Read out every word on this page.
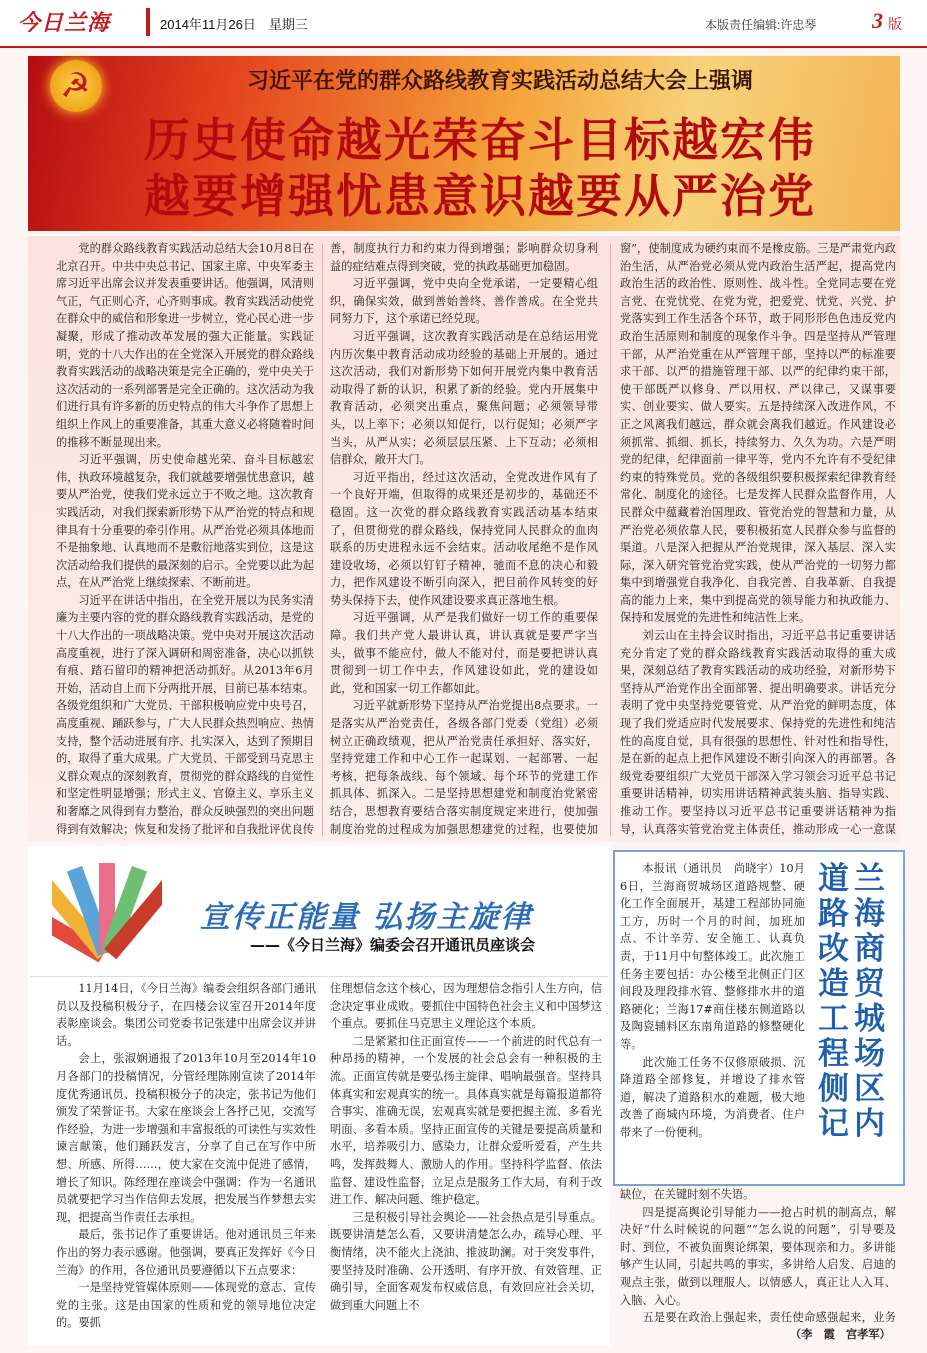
今日兰海	2014年11月26日　星期三	本版责任编辑:许忠琴	3 版
☭	习近平在党的群众路线教育实践活动总结大会上强调
历史使命越光荣奋斗目标越宏伟
越要增强忧患意识越要从严治党

党的群众路线教育实践活动总结大会10月8日在北京召开。中共中央总书记、国家主席、中央军委主席习近平出席会议并发表重要讲话。他强调，风清则气正，气正则心齐，心齐则事成。教育实践活动使党在群众中的威信和形象进一步树立，党心民心进一步凝聚，形成了推动改革发展的强大正能量。实践证明，党的十八大作出的在全党深入开展党的群众路线教育实践活动的战略决策是完全正确的，党中央关于这次活动的一系列部署是完全正确的。这次活动为我们进行具有许多新的历史特点的伟大斗争作了思想上组织上作风上的重要准备，其重大意义必将随着时间的推移不断显现出来。

习近平强调，历史使命越光荣、奋斗目标越宏伟，执政环境越复杂，我们就越要增强忧患意识，越要从严治党，使我们党永远立于不败之地。这次教育实践活动，对我们探索新形势下从严治党的特点和规律具有十分重要的牵引作用。从严治党必须具体地而不是抽象地、认真地而不是敷衍地落实到位，这是这次活动给我们提供的最深刻的启示。全党要以此为起点，在从严治党上继续探索、不断前进。

习近平在讲话中指出，在全党开展以为民务实清廉为主要内容的党的群众路线教育实践活动，是党的十八大作出的一项战略决策。党中央对开展这次活动高度重视，进行了深入调研和周密准备，决心以抓铁有痕、踏石留印的精神把活动抓好。从2013年6月开始，活动自上而下分两批开展，目前已基本结束。各级党组织和广大党员、干部积极响应党中央号召，高度重视、踊跃参与，广大人民群众热烈响应、热情支持，整个活动进展有序、扎实深入，达到了预期目的，取得了重大成果。广大党员、干部受到马克思主义群众观点的深刻教育，贯彻党的群众路线的自觉性和坚定性明显增强；形式主义、官僚主义、享乐主义和奢靡之风得到有力整治，群众反映强烈的突出问题得到有效解决；恢复和发扬了批评和自我批评优良传

善，制度执行力和约束力得到增强；影响群众切身利益的症结难点得到突破，党的执政基础更加稳固。

习近平强调，党中央向全党承诺，一定要精心组织，确保实效，做到善始善终、善作善成。在全党共同努力下，这个承诺已经兑现。

习近平强调，这次教育实践活动是在总结运用党内历次集中教育活动成功经验的基础上开展的。通过这次活动，我们对新形势下如何开展党内集中教育活动取得了新的认识，积累了新的经验。党内开展集中教育活动，必须突出重点，聚焦问题；必须领导带头，以上率下；必须以知促行，以行促知；必须严字当头，从严从实；必须层层压紧、上下互动；必须相信群众，敞开大门。

习近平指出，经过这次活动，全党改进作风有了一个良好开端，但取得的成果还是初步的，基础还不稳固。这一次党的群众路线教育实践活动基本结束了，但贯彻党的群众路线，保持党同人民群众的血肉联系的历史进程永远不会结束。活动收尾绝不是作风建设收场，必须以钉钉子精神，驰而不息的决心和毅力，把作风建设不断引向深入，把目前作风转变的好势头保持下去，使作风建设要求真正落地生根。

习近平强调，从严是我们做好一切工作的重要保障。我们共产党人最讲认真，讲认真就是要严字当头，做事不能应付，做人不能对付，而是要把讲认真贯彻到一切工作中去，作风建设如此，党的建设如此，党和国家一切工作都如此。

习近平就新形势下坚持从严治党提出8点要求。一是落实从严治党责任，各级各部门党委（党组）必须树立正确政绩观，把从严治党责任承担好、落实好，坚持党建工作和中心工作一起谋划、一起部署、一起考核，把每条战线、每个领域、每个环节的党建工作抓具体、抓深入。二是坚持思想建党和制度治党紧密结合，思想教育要结合落实制度规定来进行，使加强制度治党的过程成为加强思想建党的过程，也要使加

窗”，使制度成为硬约束而不是橡皮筋。三是严肃党内政治生活，从严治党必须从党内政治生活严起，提高党内政治生活的政治性、原则性、战斗性。全党同志要在党言党、在党忧党、在党为党，把爱党、忧党、兴党、护党落实到工作生活各个环节，敢于同形形色色违反党内政治生活原则和制度的现象作斗争。四是坚持从严管理干部，从严治党重在从严管理干部，坚持以严的标准要求干部、以严的措施管理干部、以严的纪律约束干部，使干部既严以修身、严以用权、严以律己，又谋事要实、创业要实、做人要实。五是持续深入改进作风，不正之风离我们越远，群众就会离我们越近。作风建设必须抓常、抓细、抓长，持续努力、久久为功。六是严明党的纪律，纪律面前一律平等，党内不允许有不受纪律约束的特殊党员。党的各级组织要积极探索纪律教育经常化、制度化的途径。七是发挥人民群众监督作用，人民群众中蕴藏着治国理政、管党治党的智慧和力量，从严治党必须依靠人民，要积极拓宽人民群众参与监督的渠道。八是深入把握从严治党规律，深入基层、深入实际，深入研究管党治党实践，使从严治党的一切努力都集中到增强党自我净化、自我完善、自我革新、自我提高的能力上来，集中到提高党的领导能力和执政能力、保持和发展党的先进性和纯洁性上来。

刘云山在主持会议时指出，习近平总书记重要讲话充分肯定了党的群众路线教育实践活动取得的重大成果，深刻总结了教育实践活动的成功经验，对新形势下坚持从严治党作出全面部署、提出明确要求。讲话充分表明了党中央坚持党要管党、从严治党的鲜明态度，体现了我们党适应时代发展要求、保持党的先进性和纯洁性的高度自觉，具有很强的思想性、针对性和指导性，是在新的起点上把作风建设不断引向深入的再部署。各级党委要组织广大党员干部深入学习领会习近平总书记重要讲话精神，切实用讲话精神武装头脑、指导实践、推动工作。要坚持以习近平总书记重要讲话精神为指导，认真落实管党治党主体责任，推动形成一心一意谋

宣传正能量 弘扬主旋律
——《今日兰海》编委会召开通讯员座谈会

11月14日，《今日兰海》编委会组织各部门通讯员以及投稿积极分子，在四楼会议室召开2014年度表彰座谈会。集团公司党委书记张建中出席会议并讲话。

会上，张淑娴通报了2013年10月至2014年10月各部门的投稿情况，分管经理陈刚宣读了2014年度优秀通讯员、投稿积极分子的决定，张书记为他们颁发了荣誉证书。大家在座谈会上各抒己见，交流写作经验，为进一步增强和丰富报纸的可读性与实效性谏言献策，他们踊跃发言，分享了自己在写作中所想、所感、所得……，使大家在交流中促进了感情，增长了知识。陈经理在座谈会中强调：作为一名通讯员就要把学习当作信仰去发展，把发展当作梦想去实现，把提高当作责任去承担。

最后，张书记作了重要讲话。他对通讯员三年来作出的努力表示感谢。他强调，要真正发挥好《今日兰海》的作用，各位通讯员要遵循以下五点要求：

一是坚持党管媒体原则——体现党的意志、宣传党的主张。这是由国家的性质和党的领导地位决定的。要抓

住理想信念这个核心，因为理想信念指引人生方向，信念决定事业成败。要抓住中国特色社会主义和中国梦这个重点。要抓住马克思主义理论这个本质。

二是紧紧扣住正面宣传——一个前进的时代总有一种昂扬的精神，一个发展的社会总会有一种积极的主流。正面宣传就是要弘扬主旋律、唱响最强音。坚持具体真实和宏观真实的统一。具体真实就是每篇报道都符合事实、准确无误，宏观真实就是要把握主流、多看光明面、多看本质。坚持正面宣传的关键是要提高质量和水平，培养吸引力、感染力，让群众爱听爱看，产生共鸣，发挥鼓舞人、激励人的作用。坚持科学监督、依法监督、建设性监督，立足点是服务工作大局，有利于改进工作、解决问题、维护稳定。

三是积极引导社会舆论——社会热点是引导重点。既要讲清楚怎么看，又要讲清楚怎么办，疏导心理、平衡情绪，决不能火上浇油、推波助澜。对于突发事件，要坚持及时准确、公开透明、有序开放、有效管理、正确引导，全面客观发布权威信息，有效回应社会关切，做到重大问题上不

本报讯（通讯员　尚晓宇）10月6日，兰海商贸城场区道路规整、硬化工作全面展开，基建工程部协同施工方，历时一个月的时间，加班加点、不计辛劳、安全施工、认真负责，于11月中旬整体竣工。此次施工任务主要包括：办公楼至北侧正门区间段及理段排水管、整修排水井的道路硬化；兰海17#商住楼东侧道路以及陶瓷辅料区东南角道路的修整硬化等。

此次施工任务不仅修原破损、沉降道路全部修复，并增设了排水管道，解决了道路积水的难题，极大地改善了商城内环境，为消费者、住户带来了一份便利。

兰海商贸城场区内
道路改造工程侧记

缺位，在关键时刻不失语。

四是提高舆论引导能力——抢占时机的制高点，解决好“什么时候说的问题”“怎么说的问题”，引导要及时、到位，不被负面舆论绑架，要体现亲和力。多讲能够产生认同，引起共鸣的事实，多讲给人启发、启迪的观点主张，做到以理服人、以情感人，真正让人入耳、入脑、入心。

五是要在政治上强起来，责任使命感强起来，业务

（李　霞　宫孝军）
